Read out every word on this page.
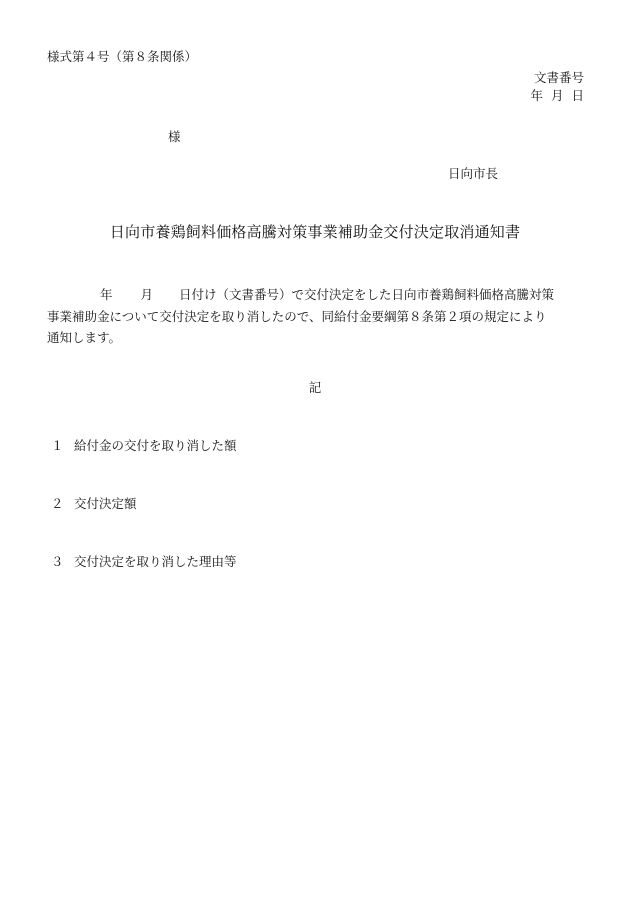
様式第４号（第８条関係）
文書番号
年 月 日
様
日向市長
日向市養鶏飼料価格高騰対策事業補助金交付決定取消通知書
年 月 日付け（文書番号）で交付決定をした日向市養鶏飼料価格高騰対策
事業補助金について交付決定を取り消したので、同給付金要綱第８条第２項の規定により
通知します。
記
１ 給付金の交付を取り消した額
２ 交付決定額
３ 交付決定を取り消した理由等
